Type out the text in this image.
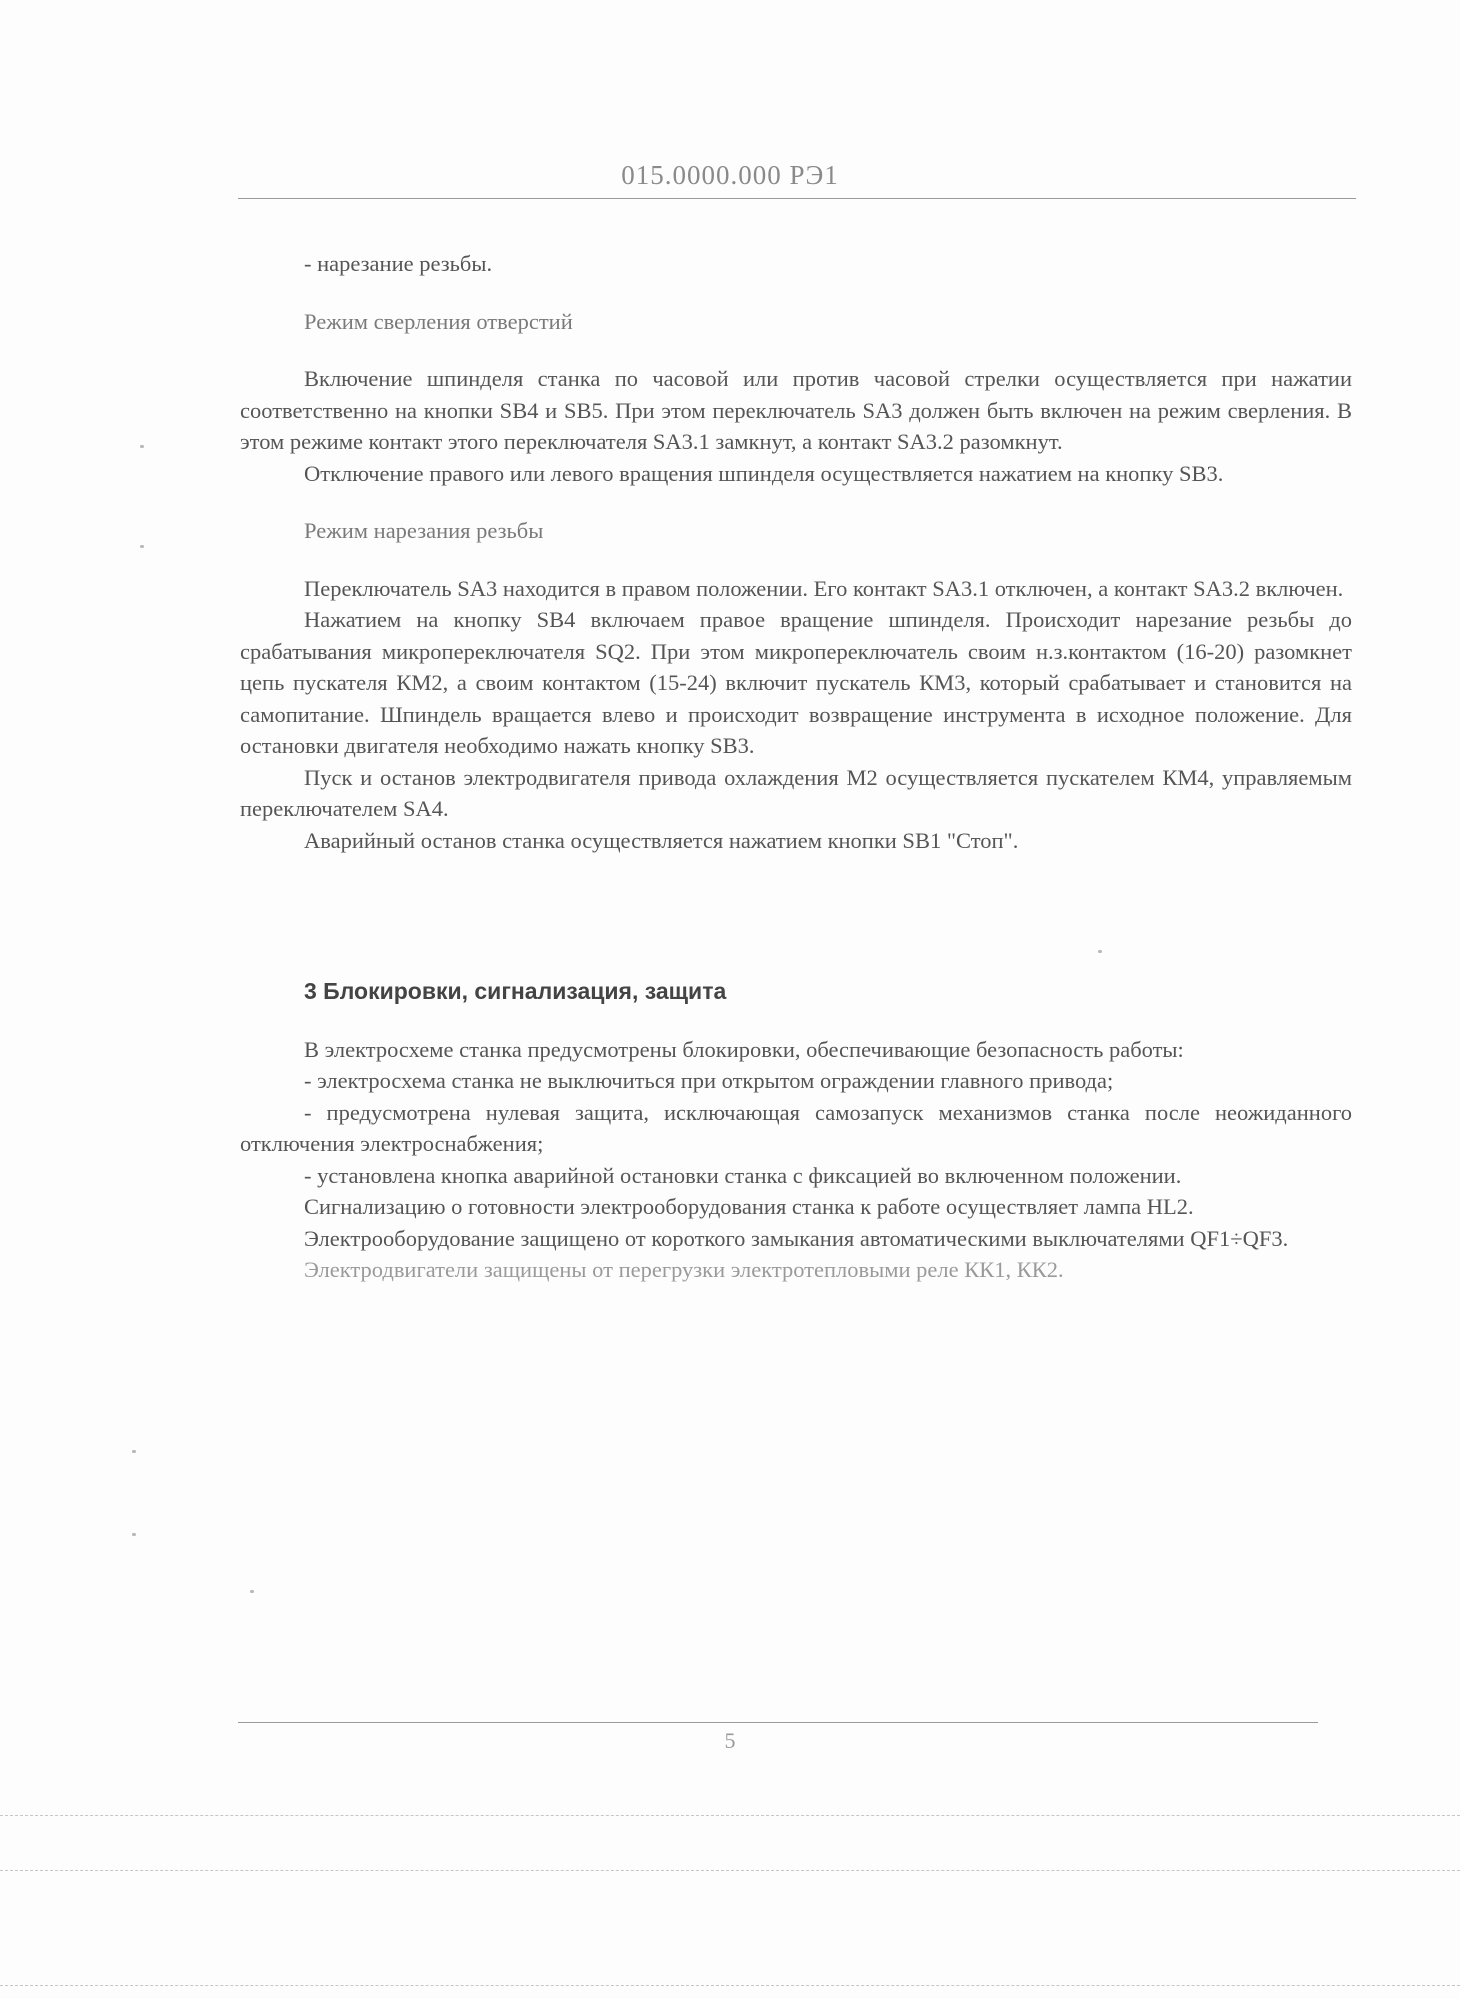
015.0000.000 РЭ1

- нарезание резьбы.

Режим сверления отверстий

Включение шпинделя станка по часовой или против часовой стрелки осуществляется при нажатии соответственно на кнопки SB4 и SB5. При этом переключатель SA3 должен быть включен на режим сверления. В этом режиме контакт этого переключателя SA3.1 замкнут, а контакт SA3.2 разомкнут.

Отключение правого или левого вращения шпинделя осуществляется нажатием на кнопку SB3.

Режим нарезания резьбы

Переключатель SA3 находится в правом положении. Его контакт SA3.1 отключен, а контакт SA3.2 включен.

Нажатием на кнопку SB4 включаем правое вращение шпинделя. Происходит нарезание резьбы до срабатывания микропереключателя SQ2. При этом микропереключатель своим н.з.контактом (16-20) разомкнет цепь пускателя КМ2, а своим контактом (15-24) включит пускатель КМ3, который срабатывает и становится на самопитание. Шпиндель вращается влево и происходит возвращение инструмента в исходное положение. Для остановки двигателя необходимо нажать кнопку SB3.

Пуск и останов электродвигателя привода охлаждения М2 осуществляется пускателем КМ4, управляемым переключателем SA4.

Аварийный останов станка осуществляется нажатием кнопки SB1 "Стоп".

3 Блокировки, сигнализация, защита

В электросхеме станка предусмотрены блокировки, обеспечивающие безопасность работы:

- электросхема станка не выключиться при открытом ограждении главного привода;

- предусмотрена нулевая защита, исключающая самозапуск механизмов станка после неожиданного отключения электроснабжения;

- установлена кнопка аварийной остановки станка с фиксацией во включенном положении.

Сигнализацию о готовности электрооборудования станка к работе осуществляет лампа HL2.

Электрооборудование защищено от короткого замыкания автоматическими выключателями QF1÷QF3.

Электродвигатели защищены от перегрузки электротепловыми реле КК1, КК2.

5
